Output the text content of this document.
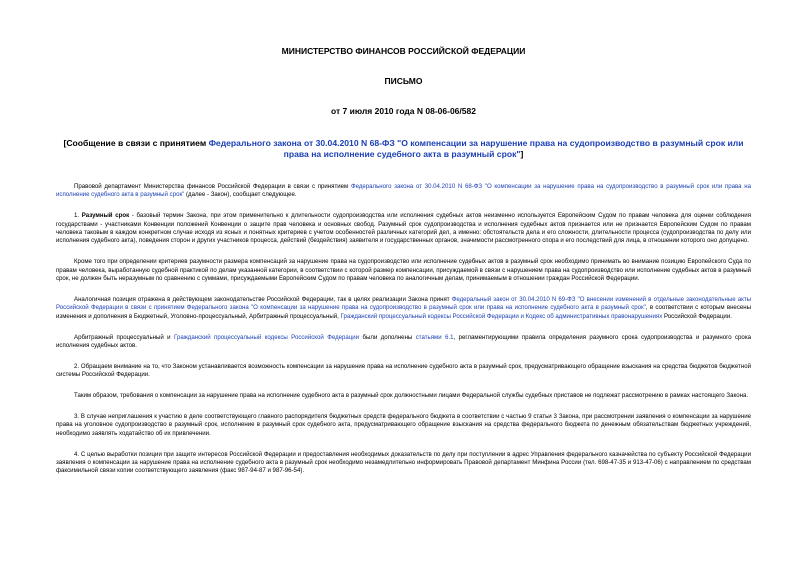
МИНИСТЕРСТВО ФИНАНСОВ РОССИЙСКОЙ ФЕДЕРАЦИИ

ПИСЬМО

от 7 июля 2010 года N 08-06-06/582

[Сообщение в связи с принятием Федерального закона от 30.04.2010 N 68-ФЗ "О компенсации за нарушение права на судопроизводство в разумный срок или права на исполнение судебного акта в разумный срок"]

Правовой департамент Министерства финансов Российской Федерации в связи с принятием Федерального закона от 30.04.2010 N 68-ФЗ "О компенсации за нарушение права на судопроизводство в разумный срок или права на исполнение судебного акта в разумный срок" (далее - Закон), сообщает следующее.

1. Разумный срок - базовый термин Закона, при этом применительно к длительности судопроизводства или исполнения судебных актов неизменно используется Европейским Судом по правам человека для оценки соблюдения государствами - участниками Конвенции положений Конвенции о защите прав человека и основных свобод. Разумный срок судопроизводства и исполнения судебных актов признается или не признается Европейским Судом по правам человека таковым в каждом конкретном случае исходя из ясных и понятных критериев с учетом особенностей различных категорий дел, а именно: обстоятельств дела и его сложности, длительности процесса (судопроизводства по делу или исполнения судебного акта), поведения сторон и других участников процесса, действий (бездействия) заявителя и государственных органов, значимости рассмотренного спора и его последствий для лица, в отношении которого оно допущено.

Кроме того при определении критериев разумности размера компенсаций за нарушение права на судопроизводство или исполнение судебных актов в разумный срок необходимо принимать во внимание позицию Европейского Суда по правам человека, выработанную судебной практикой по делам указанной категории, в соответствии с которой размер компенсации, присуждаемой в связи с нарушением права на судопроизводство или исполнение судебных актов в разумный срок, не должен быть неразумным по сравнению с суммами, присуждаемыми Европейским Судом по правам человека по аналогичным делам, принимаемым в отношении граждан Российской Федерации.

Аналогичная позиция отражена в действующем законодательстве Российской Федерации, так в целях реализации Закона принят Федеральный закон от 30.04.2010 N 69-ФЗ "О внесении изменений в отдельные законодательные акты Российской Федерации в связи с принятием Федерального закона "О компенсации за нарушение права на судопроизводство в разумный срок или права на исполнение судебного акта в разумный срок", в соответствии с которым внесены изменения и дополнения в Бюджетный, Уголовно-процессуальный, Арбитражный процессуальный, Гражданский процессуальный кодексы Российской Федерации и Кодекс об административных правонарушениях Российской Федерации.

Арбитражный процессуальный и Гражданский процессуальный кодексы Российской Федерации были дополнены статьями 6.1, регламентирующими правила определения разумного срока судопроизводства и разумного срока исполнения судебных актов.

2. Обращаем внимание на то, что Законом устанавливается возможность компенсации за нарушение права на исполнение судебного акта в разумный срок, предусматривающего обращение взыскания на средства бюджетов бюджетной системы Российской Федерации.

Таким образом, требования о компенсации за нарушение права на исполнение судебного акта в разумный срок должностными лицами Федеральной службы судебных приставов не подлежат рассмотрению в рамках настоящего Закона.

3. В случае неприглашения к участию в деле соответствующего главного распорядителя бюджетных средств федерального бюджета в соответствии с частью 9 статьи 3 Закона, при рассмотрении заявления о компенсации за нарушение права на уголовное судопроизводство в разумный срок, исполнение в разумный срок судебного акта, предусматривающего обращение взыскания на средства федерального бюджета по денежным обязательствам бюджетных учреждений, необходимо заявлять ходатайство об их привлечении.

4. С целью выработки позиции при защите интересов Российской Федерации и предоставления необходимых доказательств по делу при поступлении в адрес Управления федерального казначейства по субъекту Российской Федерации заявления о компенсации за нарушение права на исполнение судебного акта в разумный срок необходимо незамедлительно информировать Правовой департамент Минфина России (тел. 698-47-35 и 913-47-06) с направлением по средствам факсимильной связи копии соответствующего заявления (факс 987-94-87 и 987-96-54).
